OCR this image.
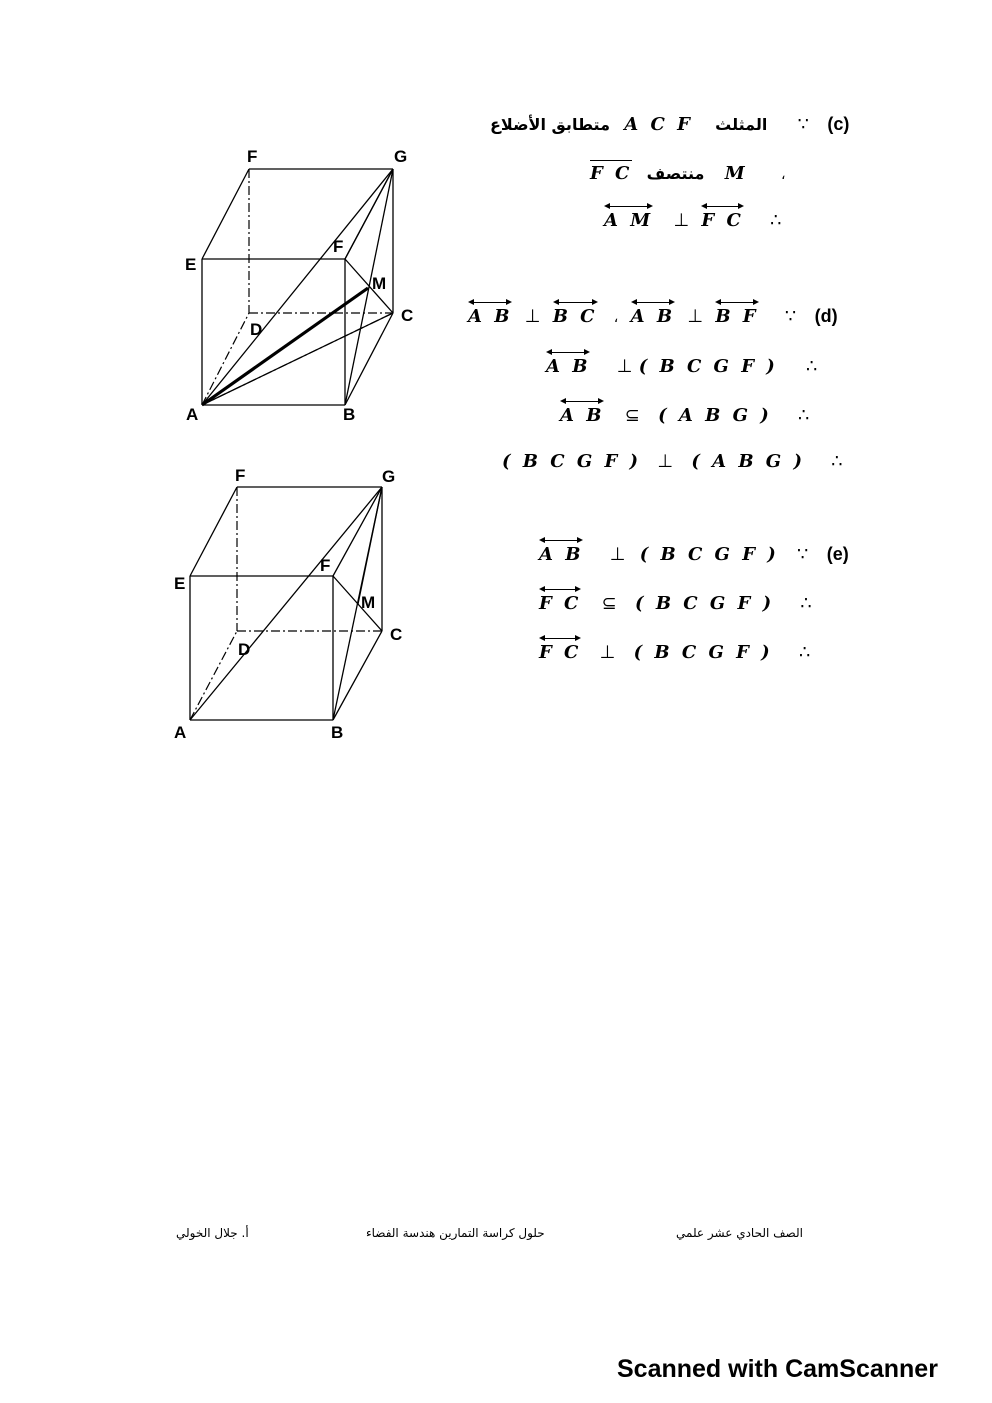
F	G
E
F
M
C
D
A	B
F	G
E
F
M
C
D
A	B
متطابق الأضلاع A C F المثلث ∵ (c)
F C منتصف M	،
A M ⊥ F C ∴
A B ⊥ B C ، A B ⊥ B F ∵ (d)
A B ⊥ ( B C G F ) ∴
A B ⊆ ( A B G ) ∴
( B C G F ) ⊥ ( A B G ) ∴
A B ⊥ ( B C G F ) ∵ (e)
F C ⊆ ( B C G F ) ∴
F C ⊥ ( B C G F ) ∴
الصف الحادي عشر علمي
حلول كراسة التمارين هندسة الفضاء
أ. جلال الخولي
Scanned with CamScanner
